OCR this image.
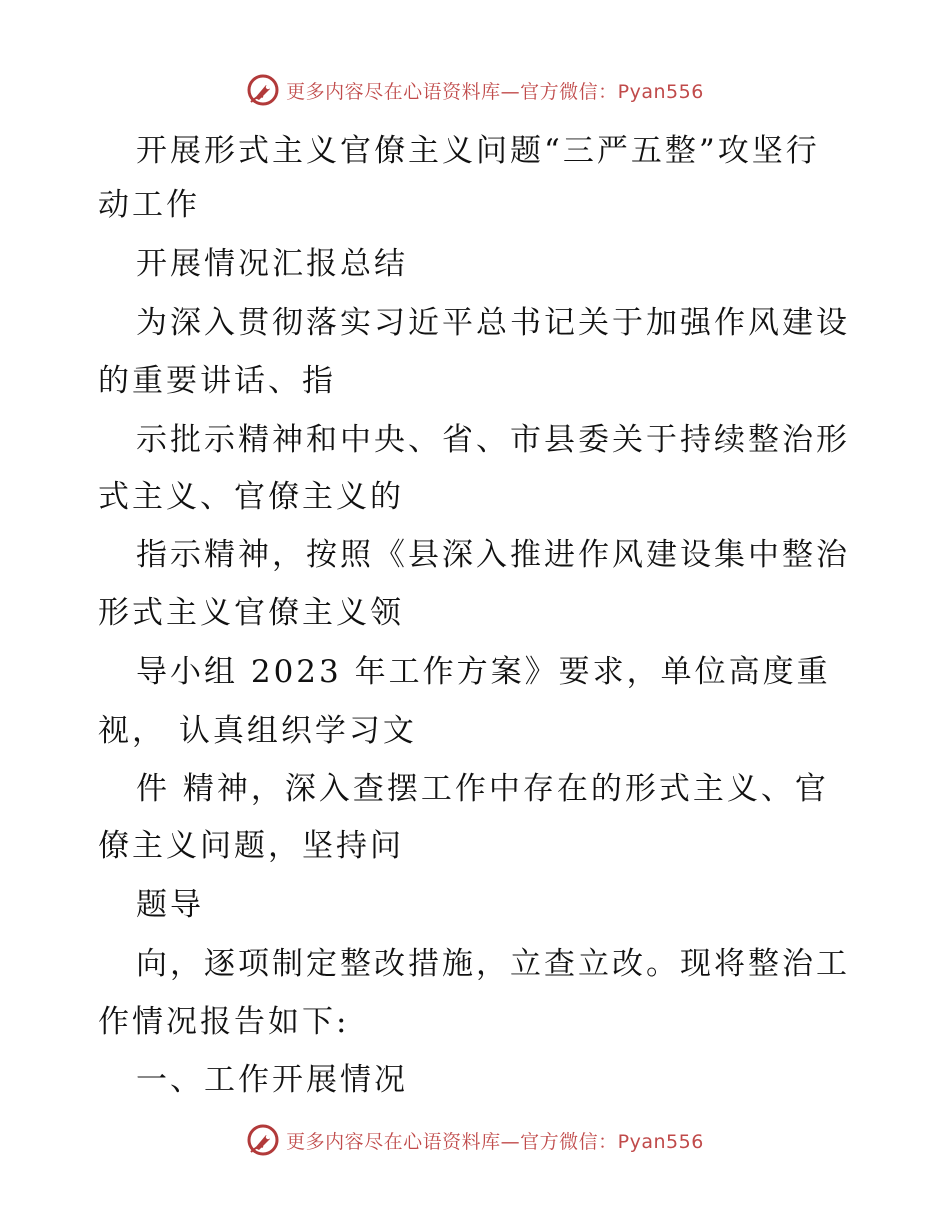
更多内容尽在心语资料库—官方微信：Pyan556
开展形式主义官僚主义问题“三严五整”攻坚行
动工作
开展情况汇报总结
为深入贯彻落实习近平总书记关于加强作风建设
的重要讲话、指
示批示精神和中央、省、市县委关于持续整治形
式主义、官僚主义的
指示精神，按照《县深入推进作风建设集中整治
形式主义官僚主义领
导小组 2023 年工作方案》要求，单位高度重
视， 认真组织学习文
件 精神，深入查摆工作中存在的形式主义、官
僚主义问题，坚持问
题导
向，逐项制定整改措施，立查立改。现将整治工
作情况报告如下:
一、工作开展情况
更多内容尽在心语资料库—官方微信：Pyan556
